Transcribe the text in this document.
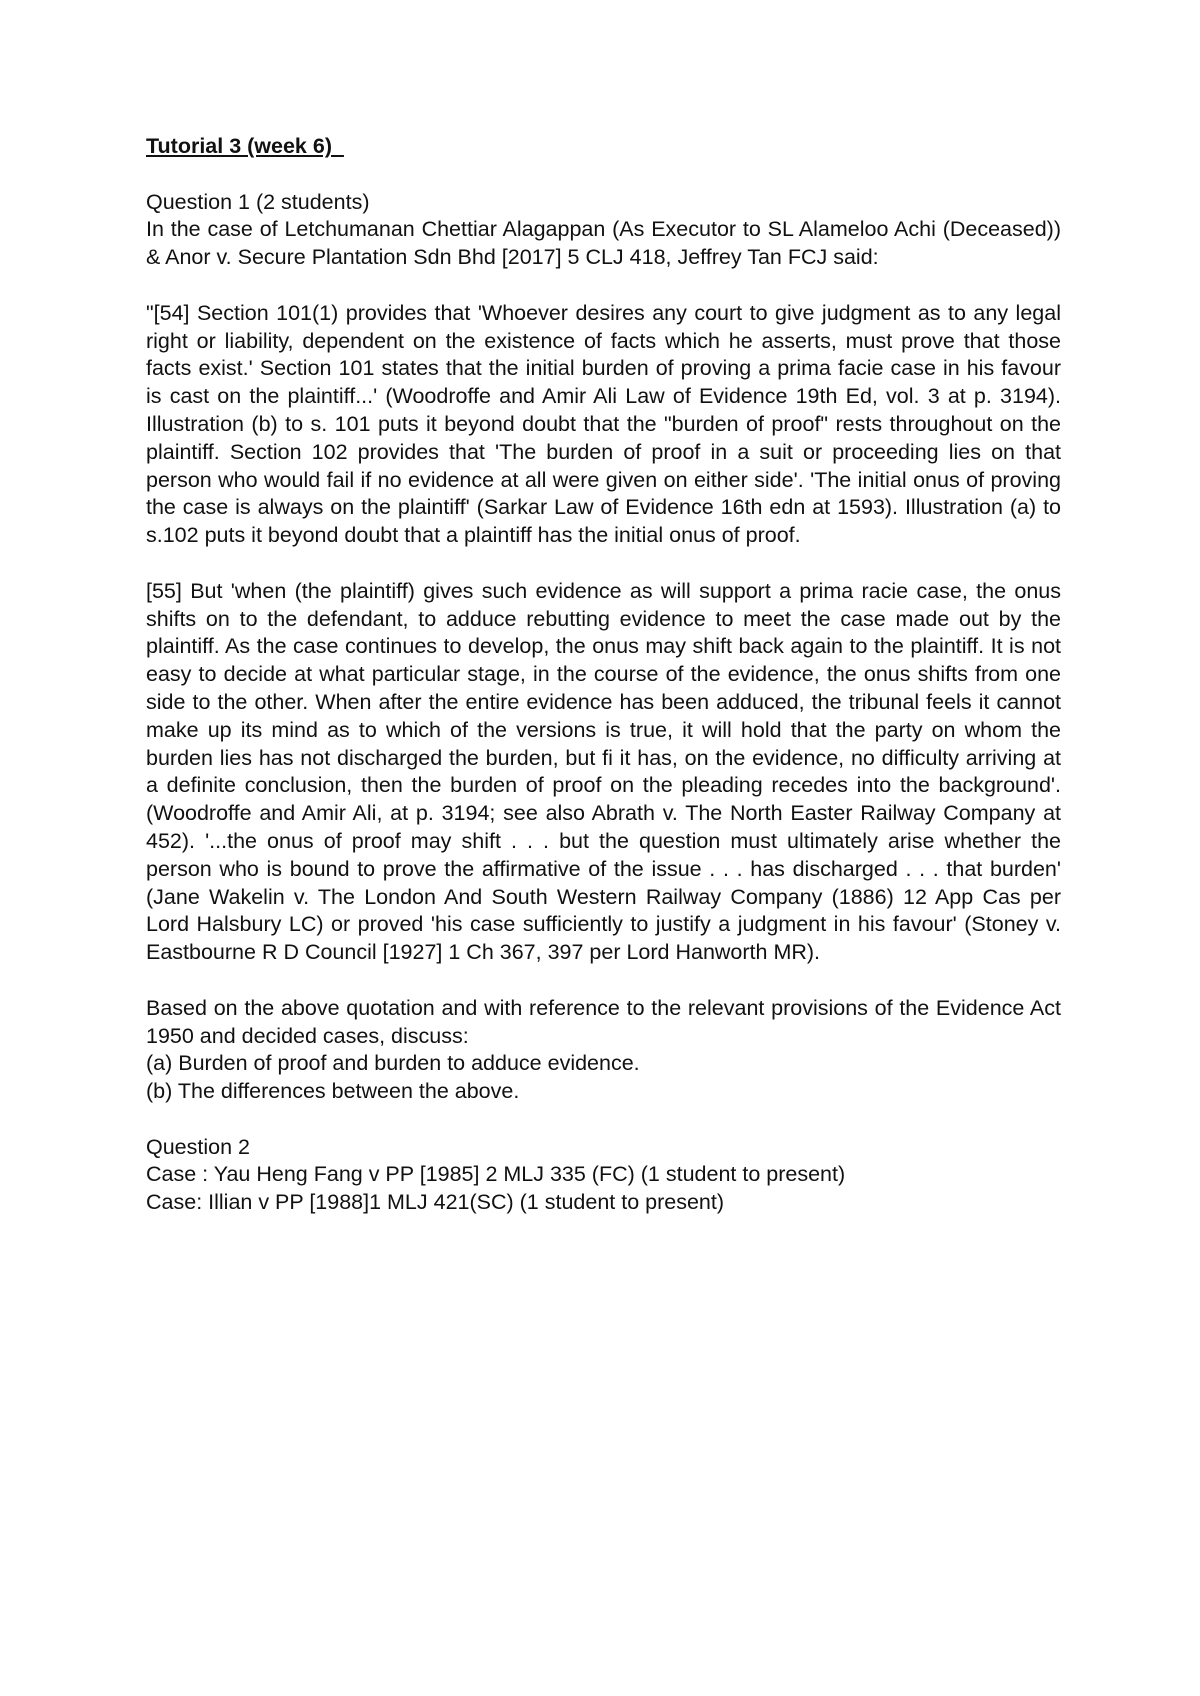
Tutorial 3 (week 6)

Question 1 (2 students)

In the case of Letchumanan Chettiar Alagappan (As Executor to SL Alameloo Achi (Deceased)) & Anor v. Secure Plantation Sdn Bhd [2017] 5 CLJ 418, Jeffrey Tan FCJ said:

"[54] Section 101(1) provides that 'Whoever desires any court to give judgment as to any legal right or liability, dependent on the existence of facts which he asserts, must prove that those facts exist.' Section 101 states that the initial burden of proving a prima facie case in his favour is cast on the plaintiff...' (Woodroffe and Amir Ali Law of Evidence 19th Ed, vol. 3 at p. 3194). Illustration (b) to s. 101 puts it beyond doubt that the "burden of proof" rests throughout on the plaintiff. Section 102 provides that 'The burden of proof in a suit or proceeding lies on that person who would fail if no evidence at all were given on either side'. 'The initial onus of proving the case is always on the plaintiff' (Sarkar Law of Evidence 16th edn at 1593). Illustration (a) to s.102 puts it beyond doubt that a plaintiff has the initial onus of proof.

[55] But 'when (the plaintiff) gives such evidence as will support a prima racie case, the onus shifts on to the defendant, to adduce rebutting evidence to meet the case made out by the plaintiff. As the case continues to develop, the onus may shift back again to the plaintiff. It is not easy to decide at what particular stage, in the course of the evidence, the onus shifts from one side to the other. When after the entire evidence has been adduced, the tribunal feels it cannot make up its mind as to which of the versions is true, it will hold that the party on whom the burden lies has not discharged the burden, but fi it has, on the evidence, no difficulty arriving at a definite conclusion, then the burden of proof on the pleading recedes into the background'. (Woodroffe and Amir Ali, at p. 3194; see also Abrath v. The North Easter Railway Company at 452). '...the onus of proof may shift . . . but the question must ultimately arise whether the person who is bound to prove the affirmative of the issue . . . has discharged . . . that burden' (Jane Wakelin v. The London And South Western Railway Company (1886) 12 App Cas per Lord Halsbury LC) or proved 'his case sufficiently to justify a judgment in his favour' (Stoney v. Eastbourne R D Council [1927] 1 Ch 367, 397 per Lord Hanworth MR).

Based on the above quotation and with reference to the relevant provisions of the Evidence Act 1950 and decided cases, discuss:

(a) Burden of proof and burden to adduce evidence.

(b) The differences between the above.

Question 2

Case : Yau Heng Fang v PP [1985] 2 MLJ 335 (FC) (1 student to present)

Case: Illian v PP [1988]1 MLJ 421(SC) (1 student to present)
